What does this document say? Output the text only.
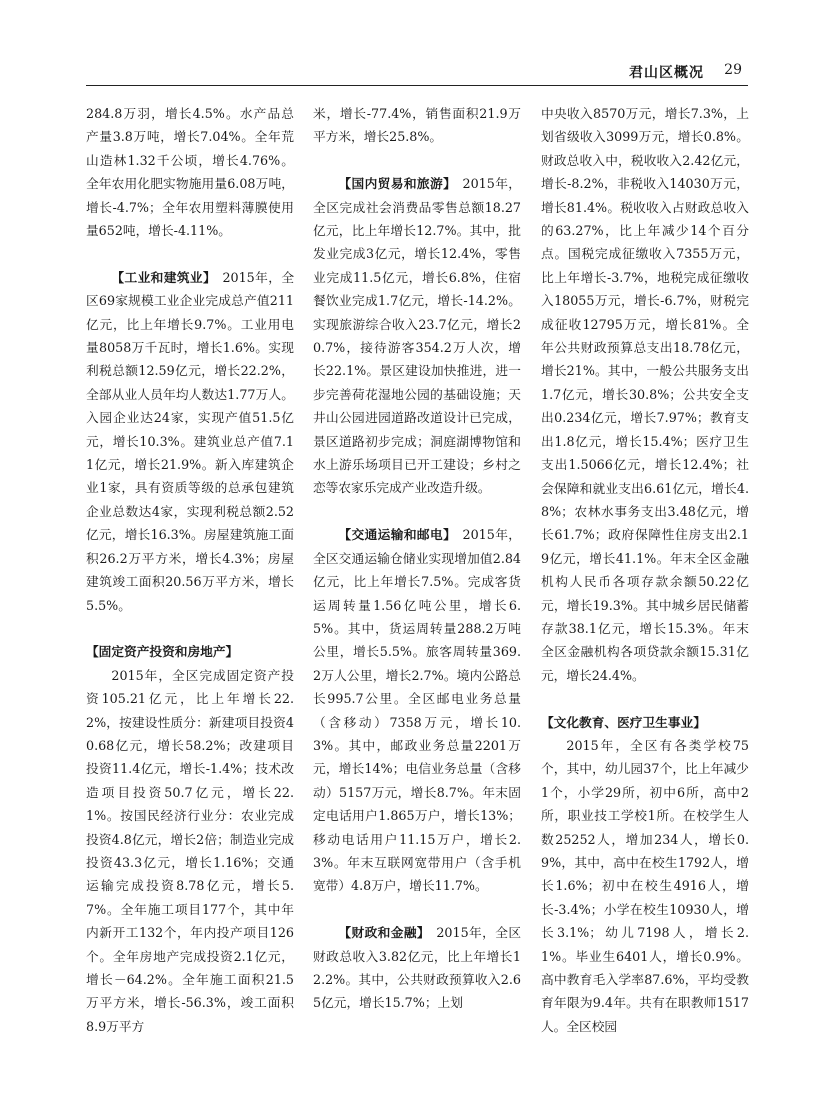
君山区概况 29

284.8万羽，增长4.5%。水产品总产量3.8万吨，增长7.04%。全年荒山造林1.32千公顷，增长4.76%。全年农用化肥实物施用量6.08万吨，增长-4.7%；全年农用塑料薄膜使用量652吨，增长-4.11%。

【工业和建筑业】 2015年，全区69家规模工业企业完成总产值211亿元，比上年增长9.7%。工业用电量8058万千瓦时，增长1.6%。实现利税总额12.59亿元，增长22.2%，全部从业人员年均人数达1.77万人。入园企业达24家，实现产值51.5亿元，增长10.3%。建筑业总产值7.11亿元，增长21.9%。新入库建筑企业1家，具有资质等级的总承包建筑企业总数达4家，实现利税总额2.52亿元，增长16.3%。房屋建筑施工面积26.2万平方米，增长4.3%；房屋建筑竣工面积20.56万平方米，增长5.5%。

【固定资产投资和房地产】

2015年，全区完成固定资产投资105.21亿元，比上年增长22.2%，按建设性质分：新建项目投资40.68亿元，增长58.2%；改建项目投资11.4亿元，增长-1.4%；技术改造项目投资50.7亿元，增长22.1%。按国民经济行业分：农业完成投资4.8亿元，增长2倍；制造业完成投资43.3亿元，增长1.16%；交通运输完成投资8.78亿元，增长5.7%。全年施工项目177个，其中年内新开工132个，年内投产项目126个。全年房地产完成投资2.1亿元，增长－64.2%。全年施工面积21.5万平方米，增长-56.3%，竣工面积8.9万平方

米，增长-77.4%，销售面积21.9万平方米，增长25.8%。

【国内贸易和旅游】 2015年，全区完成社会消费品零售总额18.27亿元，比上年增长12.7%。其中，批发业完成3亿元，增长12.4%，零售业完成11.5亿元，增长6.8%，住宿餐饮业完成1.7亿元，增长-14.2%。实现旅游综合收入23.7亿元，增长20.7%，接待游客354.2万人次，增长22.1%。景区建设加快推进，进一步完善荷花湿地公园的基础设施；天井山公园进园道路改道设计已完成，景区道路初步完成；洞庭湖博物馆和水上游乐场项目已开工建设；乡村之恋等农家乐完成产业改造升级。

【交通运输和邮电】 2015年，全区交通运输仓储业实现增加值2.84亿元，比上年增长7.5%。完成客货运周转量1.56亿吨公里，增长6.5%。其中，货运周转量288.2万吨公里，增长5.5%。旅客周转量369.2万人公里，增长2.7%。境内公路总长995.7公里。全区邮电业务总量（含移动）7358万元，增长10.3%。其中，邮政业务总量2201万元，增长14%；电信业务总量（含移动）5157万元，增长8.7%。年末固定电话用户1.865万户，增长13%；移动电话用户11.15万户，增长2.3%。年末互联网宽带用户（含手机宽带）4.8万户，增长11.7%。

【财政和金融】 2015年，全区财政总收入3.82亿元，比上年增长12.2%。其中，公共财政预算收入2.65亿元，增长15.7%；上划

中央收入8570万元，增长7.3%，上划省级收入3099万元，增长0.8%。财政总收入中，税收收入2.42亿元，增长-8.2%，非税收入14030万元，增长81.4%。税收收入占财政总收入的63.27%，比上年减少14个百分点。国税完成征缴收入7355万元，比上年增长-3.7%，地税完成征缴收入18055万元，增长-6.7%，财税完成征收12795万元，增长81%。全年公共财政预算总支出18.78亿元，增长21%。其中，一般公共服务支出1.7亿元，增长30.8%；公共安全支出0.234亿元，增长7.97%；教育支出1.8亿元，增长15.4%；医疗卫生支出1.5066亿元，增长12.4%；社会保障和就业支出6.61亿元，增长4.8%；农林水事务支出3.48亿元，增长61.7%；政府保障性住房支出2.19亿元，增长41.1%。年末全区金融机构人民币各项存款余额50.22亿元，增长19.3%。其中城乡居民储蓄存款38.1亿元，增长15.3%。年末全区金融机构各项贷款余额15.31亿元，增长24.4%。

【文化教育、医疗卫生事业】

2015年，全区有各类学校75个，其中，幼儿园37个，比上年减少1个，小学29所，初中6所，高中2所，职业技工学校1所。在校学生人数25252人，增加234人，增长0.9%，其中，高中在校生1792人，增长1.6%；初中在校生4916人，增长-3.4%；小学在校生10930人，增长3.1%；幼儿7198人，增长2.1%。毕业生6401人，增长0.9%。高中教育毛入学率87.6%，平均受教育年限为9.4年。共有在职教师1517人。全区校园
